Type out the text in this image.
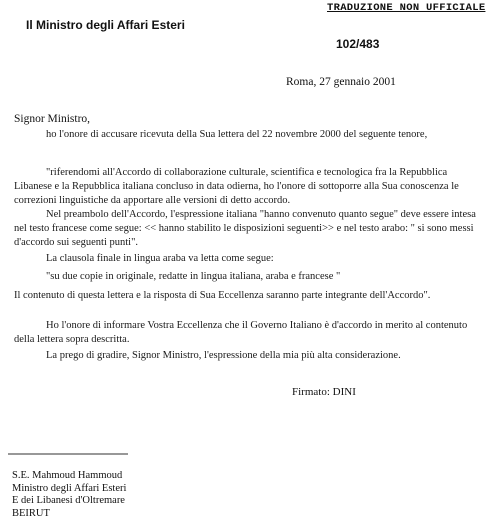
TRADUZIONE NON UFFICIALE

Il Ministro degli Affari Esteri

102/483

Roma, 27 gennaio 2001

Signor Ministro,

ho l'onore di accusare ricevuta della Sua lettera del 22 novembre 2000 del seguente tenore,

"riferendomi all'Accordo di collaborazione culturale, scientifica e tecnologica fra la Repubblica Libanese e la Repubblica italiana concluso in data odierna, ho l'onore di sottoporre alla Sua conoscenza le correzioni linguistiche da apportare alle versioni di detto accordo.

Nel preambolo dell'Accordo, l'espressione italiana "hanno convenuto quanto segue" deve essere intesa nel testo francese come segue: << hanno stabilito le disposizioni seguenti>> e nel testo arabo: " si sono messi d'accordo sui seguenti punti".

La clausola finale in lingua araba va letta come segue:

"su due copie in originale, redatte in lingua italiana, araba e francese "

Il contenuto di questa lettera e la risposta di Sua Eccellenza saranno parte integrante dell'Accordo".

Ho l'onore di informare Vostra Eccellenza che il Governo Italiano è d'accordo in merito al contenuto della lettera sopra descritta.

La prego di gradire, Signor Ministro, l'espressione della mia più alta considerazione.

Firmato: DINI

S.E. Mahmoud Hammoud
Ministro degli Affari Esteri
E dei Libanesi d'Oltremare
BEIRUT
